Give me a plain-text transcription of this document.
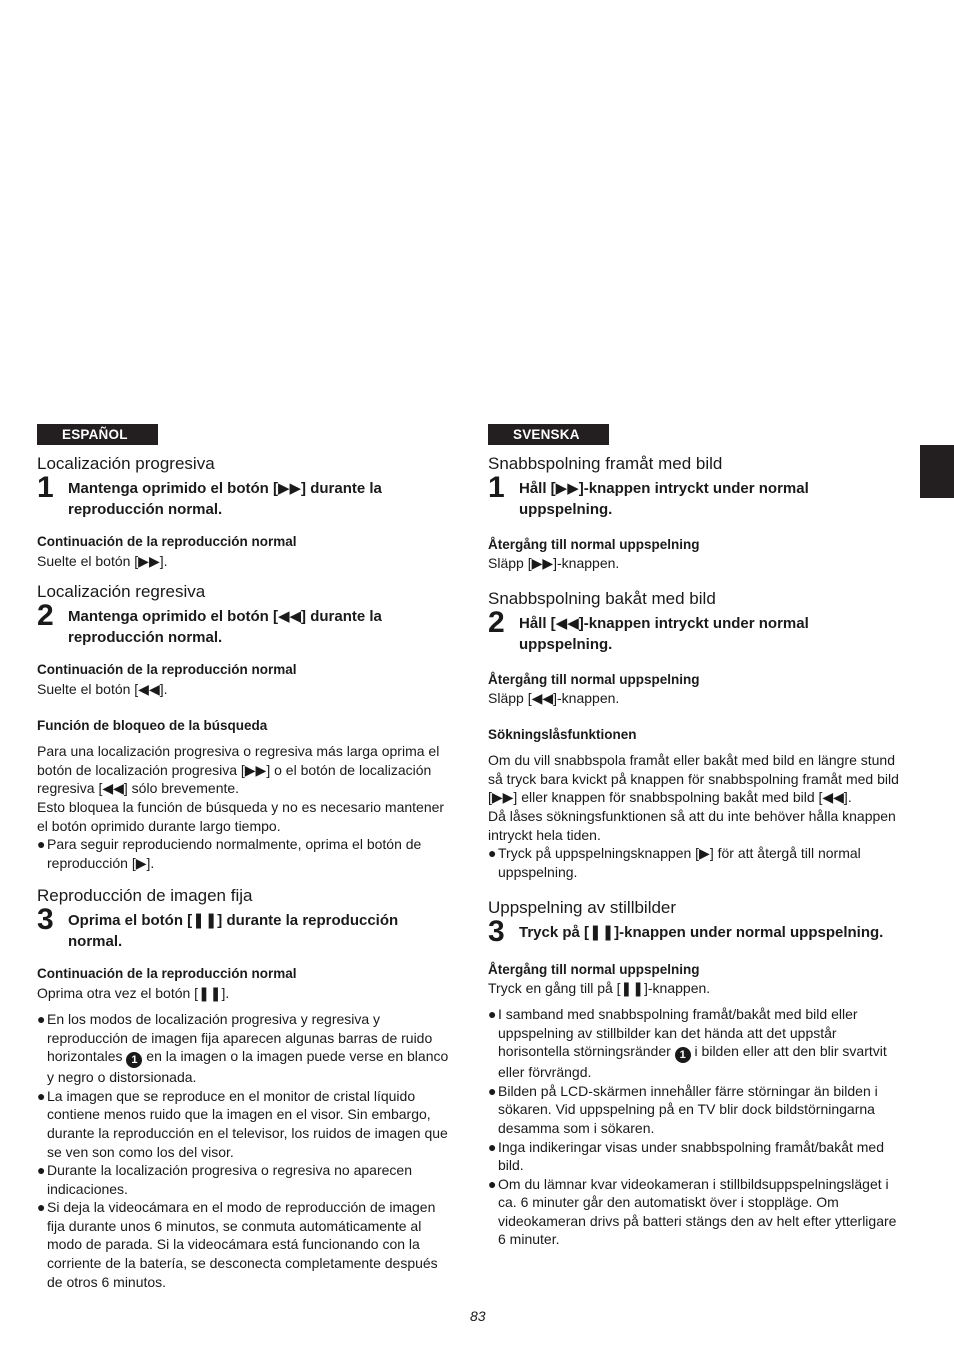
ESPAÑOL
Localización progresiva
1 Mantenga oprimido el botón [▶▶] durante la reproducción normal.
Continuación de la reproducción normal

Suelte el botón [▶▶].

Localización regresiva
2 Mantenga oprimido el botón [◀◀] durante la reproducción normal.
Continuación de la reproducción normal

Suelte el botón [◀◀].

Función de bloqueo de la búsqueda

Para una localización progresiva o regresiva más larga oprima el botón de localización progresiva [▶▶] o el botón de localización regresiva [◀◀] sólo brevemente.

Esto bloquea la función de búsqueda y no es necesario mantener el botón oprimido durante largo tiempo.

● Para seguir reproduciendo normalmente, oprima el botón de reproducción [▶].
Reproducción de imagen fija
3 Oprima el botón [❚❚] durante la reproducción normal.
Continuación de la reproducción normal

Oprima otra vez el botón [❚❚].

● En los modos de localización progresiva y regresiva y reproducción de imagen fija aparecen algunas barras de ruido horizontales 1 en la imagen o la imagen puede verse en blanco y negro o distorsionada.
● La imagen que se reproduce en el monitor de cristal líquido contiene menos ruido que la imagen en el visor. Sin embargo, durante la reproducción en el televisor, los ruidos de imagen que se ven son como los del visor.
● Durante la localización progresiva o regresiva no aparecen indicaciones.
● Si deja la videocámara en el modo de reproducción de imagen fija durante unos 6 minutos, se conmuta automáticamente al modo de parada. Si la videocámara está funcionando con la corriente de la batería, se desconecta completamente después de otros 6 minutos.
SVENSKA
Snabbspolning framåt med bild
1 Håll [▶▶]-knappen intryckt under normal uppspelning.
Återgång till normal uppspelning

Släpp [▶▶]-knappen.

Snabbspolning bakåt med bild
2 Håll [◀◀]-knappen intryckt under normal uppspelning.
Återgång till normal uppspelning

Släpp [◀◀]-knappen.

Sökningslåsfunktionen

Om du vill snabbspola framåt eller bakåt med bild en längre stund så tryck bara kvickt på knappen för snabbspolning framåt med bild [▶▶] eller knappen för snabbspolning bakåt med bild [◀◀].

Då låses sökningsfunktionen så att du inte behöver hålla knappen intryckt hela tiden.

● Tryck på uppspelningsknappen [▶] för att återgå till normal uppspelning.
Uppspelning av stillbilder
3 Tryck på [❚❚]-knappen under normal uppspelning.
Återgång till normal uppspelning

Tryck en gång till på [❚❚]-knappen.

● I samband med snabbspolning framåt/bakåt med bild eller uppspelning av stillbilder kan det hända att det uppstår horisontella störningsränder 1 i bilden eller att den blir svartvit eller förvrängd.
● Bilden på LCD-skärmen innehåller färre störningar än bilden i sökaren. Vid uppspelning på en TV blir dock bildstörningarna desamma som i sökaren.
● Inga indikeringar visas under snabbspolning framåt/bakåt med bild.
● Om du lämnar kvar videokameran i stillbildsuppspelningsläget i ca. 6 minuter går den automatiskt över i stoppläge. Om videokameran drivs på batteri stängs den av helt efter ytterligare 6 minuter.
83
